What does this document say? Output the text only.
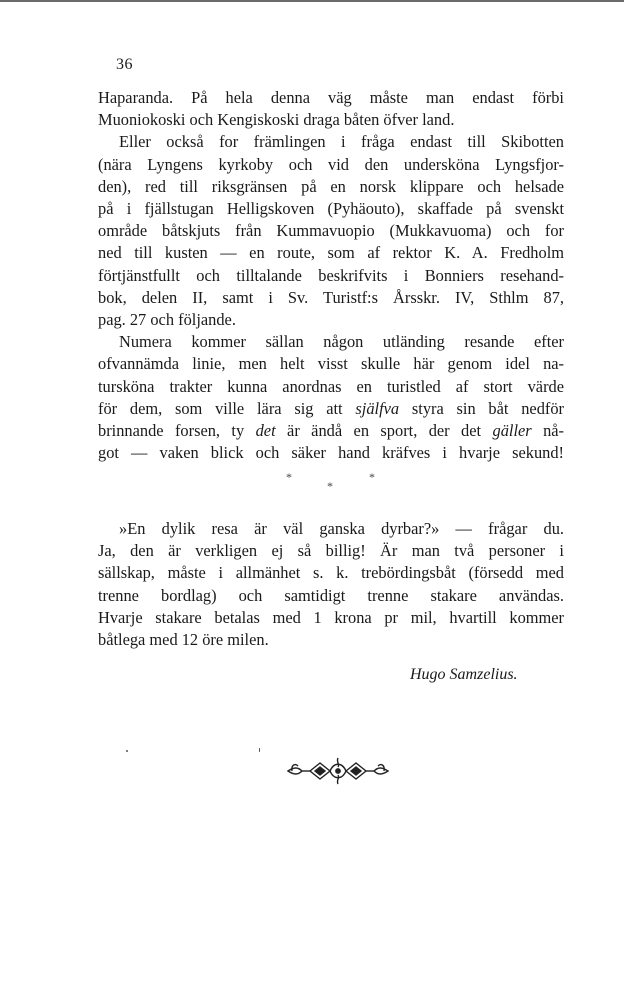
36

Haparanda. På hela denna väg måste man endast förbi
Muoniokoski och Kengiskoski draga båten öfver land.

Eller också for främlingen i fråga endast till Skibotten
(nära Lyngens kyrkoby och vid den undersköna Lyngsfjor-
den), red till riksgränsen på en norsk klippare och helsade
på i fjällstugan Helligskoven (Pyhäouto), skaffade på svenskt
område båtskjuts från Kummavuopio (Mukkavuoma) och for
ned till kusten — en route, som af rektor K. A. Fredholm
förtjänstfullt och tilltalande beskrifvits i Bonniers resehand-
bok, delen II, samt i Sv. Turistf:s Årsskr. IV, Sthlm 87,
pag. 27 och följande.

Numera kommer sällan någon utländing resande efter
ofvannämda linie, men helt visst skulle här genom idel na-
tursköna trakter kunna anordnas en turistled af stort värde
för dem, som ville lära sig att själfva styra sin båt nedför
brinnande forsen, ty det är ändå en sport, der det gäller nå-
got — vaken blick och säker hand kräfves i hvarje sekund!

*
*
*

»En dylik resa är väl ganska dyrbar?» — frågar du.
Ja, den är verkligen ej så billig! Är man två personer i
sällskap, måste i allmänhet s. k. trebördingsbåt (försedd med
trenne bordlag) och samtidigt trenne stakare användas.
Hvarje stakare betalas med 1 krona pr mil, hvartill kommer
båtlega med 12 öre milen.

Hugo Samzelius.
